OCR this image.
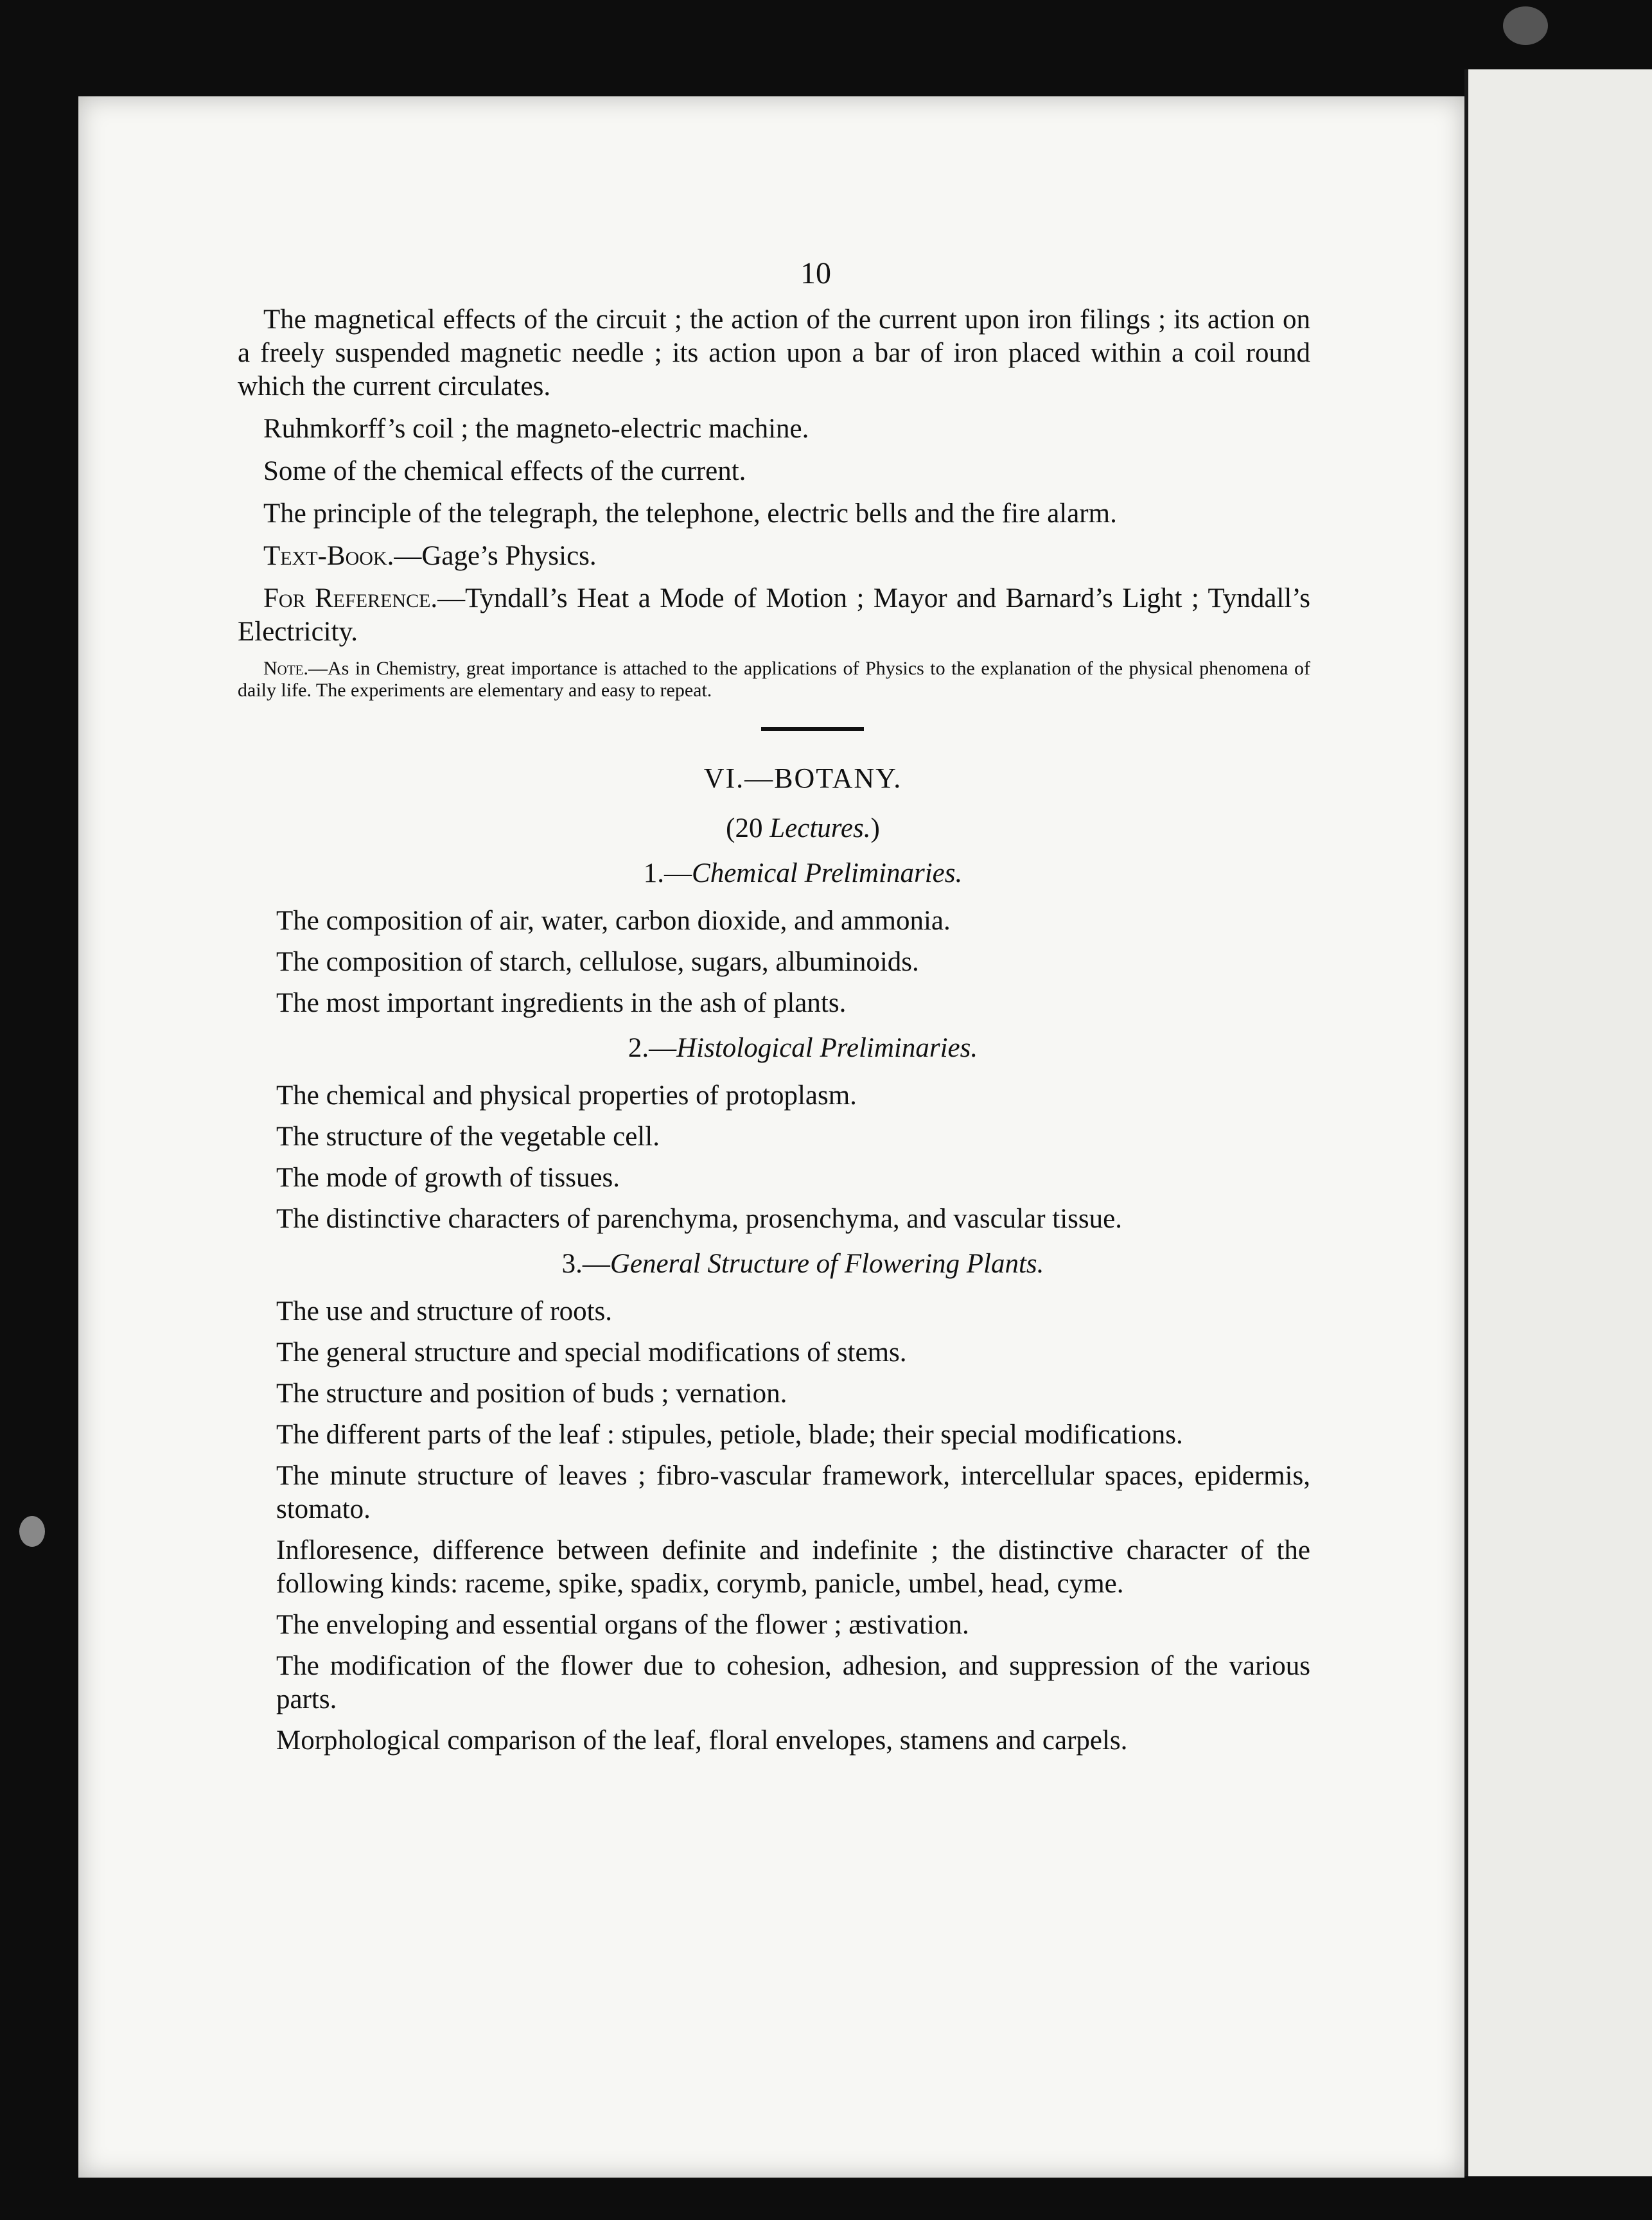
10

The magnetical effects of the circuit ; the action of the current upon iron filings ; its action on a freely suspended magnetic needle ; its action upon a bar of iron placed within a coil round which the current circulates.

Ruhmkorff’s coil ; the magneto-electric machine.

Some of the chemical effects of the current.

The principle of the telegraph, the telephone, electric bells and the fire alarm.

Text-Book.—Gage’s Physics.

For Reference.—Tyndall’s Heat a Mode of Motion ; Mayor and Barnard’s Light ; Tyndall’s Electricity.

Note.—As in Chemistry, great importance is attached to the applications of Physics to the explanation of the physical phenomena of daily life. The experiments are elementary and easy to repeat.

VI.—BOTANY.
(20 Lectures.)
1.—Chemical Preliminaries.

The composition of air, water, carbon dioxide, and ammonia.

The composition of starch, cellulose, sugars, albuminoids.

The most important ingredients in the ash of plants.

2.—Histological Preliminaries.

The chemical and physical properties of protoplasm.

The structure of the vegetable cell.

The mode of growth of tissues.

The distinctive characters of parenchyma, prosenchyma, and vascular tissue.

3.—General Structure of Flowering Plants.

The use and structure of roots.

The general structure and special modifications of stems.

The structure and position of buds ; vernation.

The different parts of the leaf : stipules, petiole, blade; their special modifications.

The minute structure of leaves ; fibro-vascular framework, intercellular spaces, epidermis, stomato.

Infloresence, difference between definite and indefinite ; the distinctive character of the following kinds: raceme, spike, spadix, corymb, panicle, umbel, head, cyme.

The enveloping and essential organs of the flower ; æstivation.

The modification of the flower due to cohesion, adhesion, and suppression of the various parts.

Morphological comparison of the leaf, floral envelopes, stamens and carpels.
